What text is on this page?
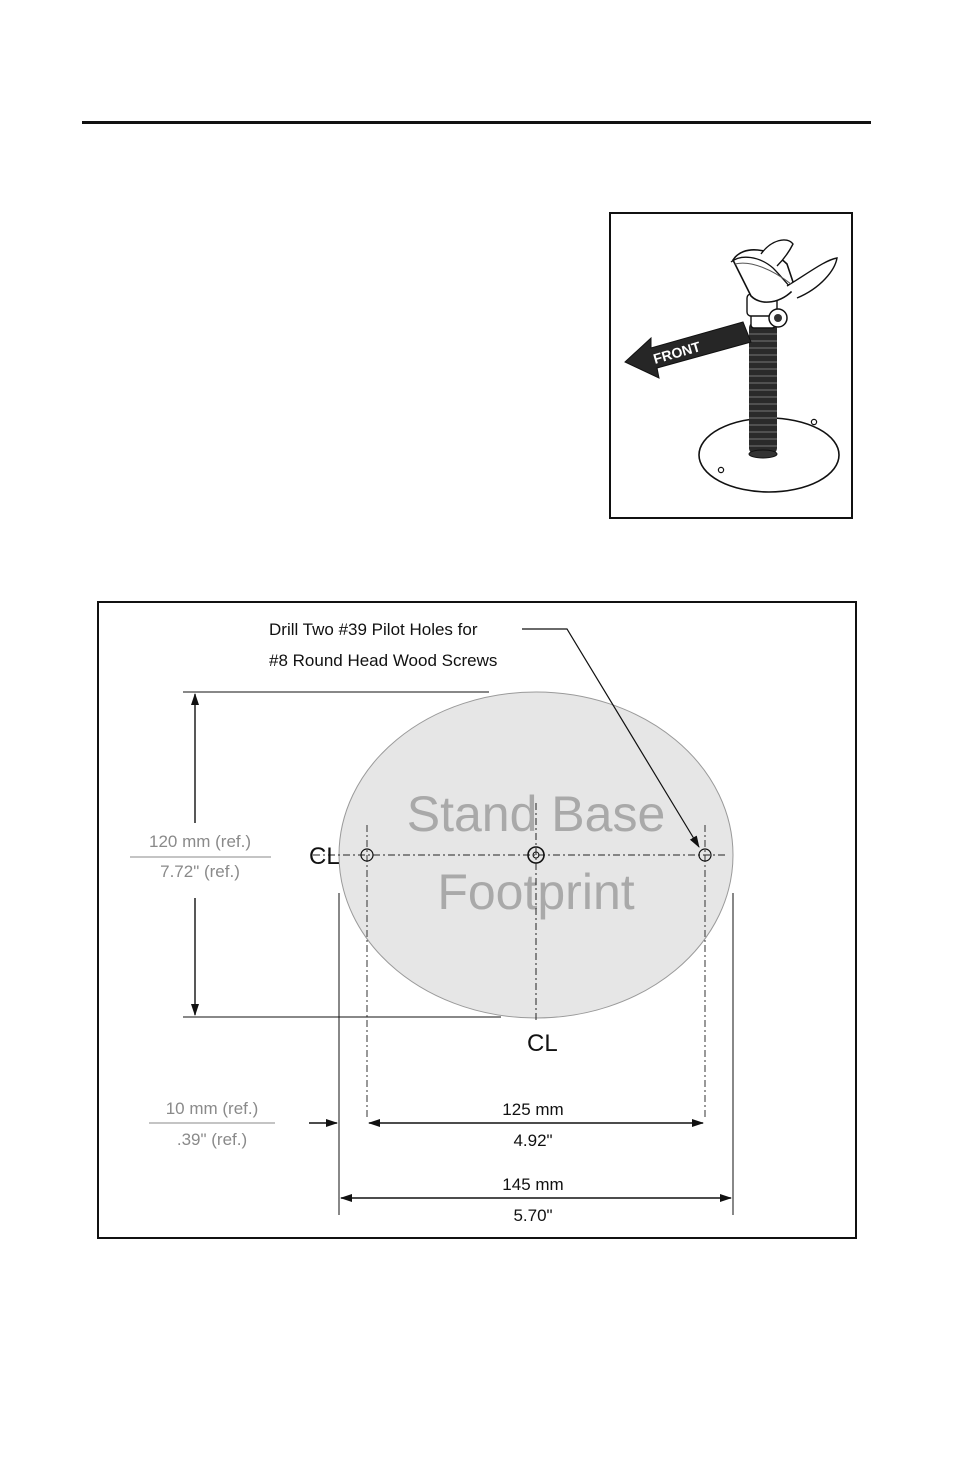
FRONT
Stand Base
Footprint
CL
CL
Drill Two #39 Pilot Holes for
#8 Round Head Wood Screws
120 mm (ref.)
7.72" (ref.)
10 mm (ref.)
.39" (ref.)
125 mm
4.92"
145 mm
5.70"
